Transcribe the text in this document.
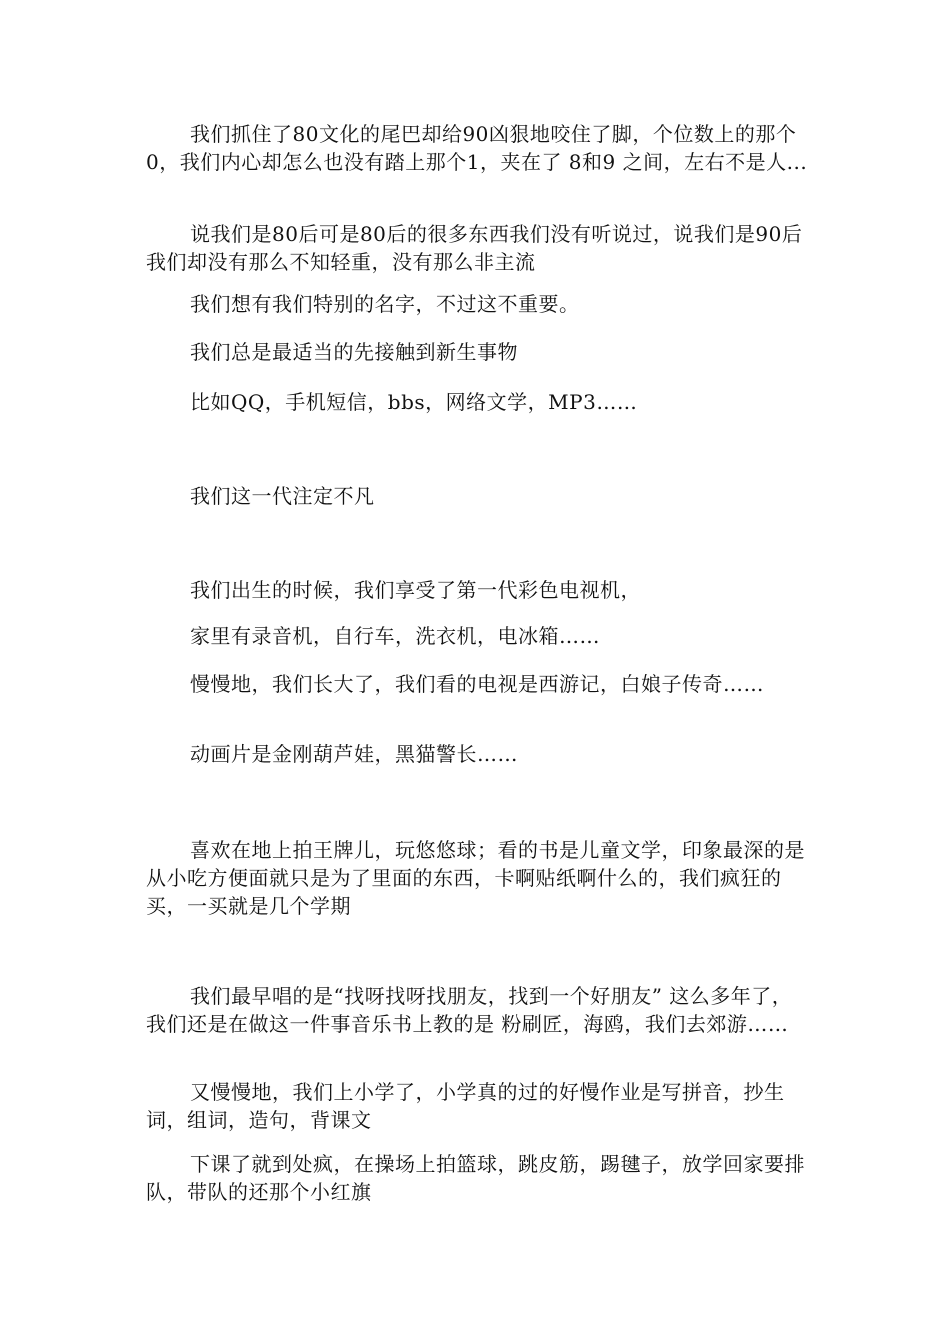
我们抓住了80文化的尾巴却给90凶狠地咬住了脚，个位数上的那个0，我们内心却怎么也没有踏上那个1，夹在了 8和9 之间，左右不是人...

说我们是80后可是80后的很多东西我们没有听说过，说我们是90后我们却没有那么不知轻重，没有那么非主流

我们想有我们特别的名字，不过这不重要。

我们总是最适当的先接触到新生事物

比如QQ，手机短信，bbs，网络文学，MP3……

我们这一代注定不凡

我们出生的时候，我们享受了第一代彩色电视机，

家里有录音机，自行车，洗衣机，电冰箱……

慢慢地，我们长大了，我们看的电视是西游记，白娘子传奇……

动画片是金刚葫芦娃，黑猫警长……

喜欢在地上拍王牌儿，玩悠悠球；看的书是儿童文学，印象最深的是从小吃方便面就只是为了里面的东西，卡啊贴纸啊什么的，我们疯狂的买，一买就是几个学期

我们最早唱的是“找呀找呀找朋友，找到一个好朋友” 这么多年了，我们还是在做这一件事音乐书上教的是 粉刷匠，海鸥，我们去郊游……

又慢慢地，我们上小学了，小学真的过的好慢作业是写拼音，抄生词，组词，造句，背课文

下课了就到处疯，在操场上拍篮球，跳皮筋，踢毽子，放学回家要排队，带队的还那个小红旗
